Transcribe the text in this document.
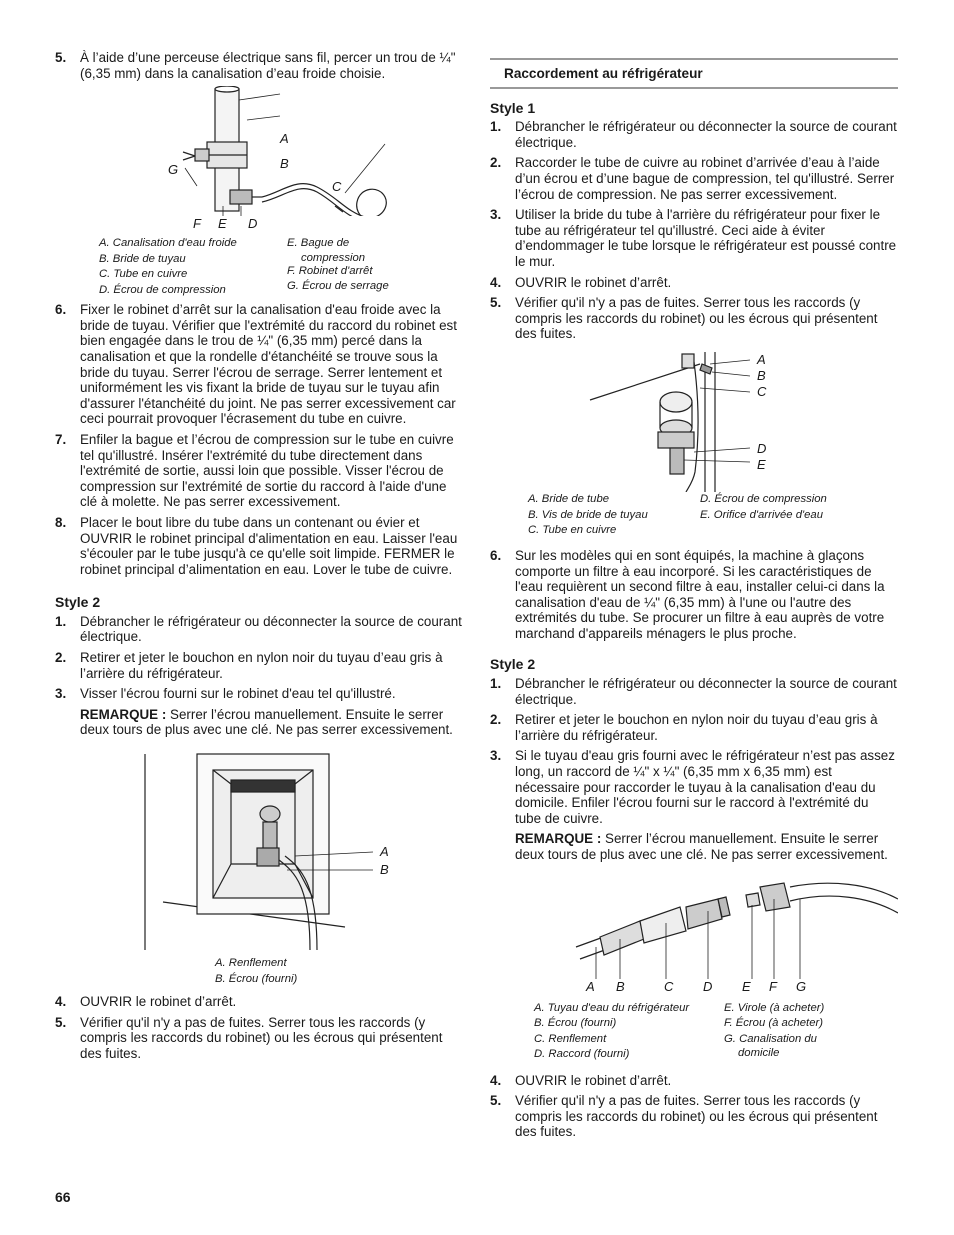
5. À l’aide d’une perceuse électrique sans fil, percer un trou de ¼" (6,35 mm) dans la canalisation d’eau froide choisie.
A
B
C
G
F E D
A. Canalisation d'eau froide
B. Bride de tuyau
C. Tube en cuivre
D. Écrou de compression
E. Bague de
compression
F. Robinet d'arrêt
G. Écrou de serrage
6. Fixer le robinet d’arrêt sur la canalisation d'eau froide avec la bride de tuyau. Vérifier que l'extrémité du raccord du robinet est bien engagée dans le trou de ¼" (6,35 mm) percé dans la canalisation et que la rondelle d'étanchéité se trouve sous la bride du tuyau. Serrer l'écrou de serrage. Serrer lentement et uniformément les vis fixant la bride de tuyau sur le tuyau afin d'assurer l'étanchéité du joint. Ne pas serrer excessivement car ceci pourrait provoquer l'écrasement du tube en cuivre.
7. Enfiler la bague et l’écrou de compression sur le tube en cuivre tel qu'illustré. Insérer l'extrémité du tube directement dans l'extrémité de sortie, aussi loin que possible. Visser l'écrou de compression sur l'extrémité de sortie du raccord à l'aide d'une clé à molette. Ne pas serrer excessivement.
8. Placer le bout libre du tube dans un contenant ou évier et OUVRIR le robinet principal d'alimentation en eau. Laisser l'eau s'écouler par le tube jusqu'à ce qu'elle soit limpide. FERMER le robinet principal d’alimentation en eau. Lover le tube de cuivre.
Style 2
1. Débrancher le réfrigérateur ou déconnecter la source de courant électrique.
2. Retirer et jeter le bouchon en nylon noir du tuyau d’eau gris à l’arrière du réfrigérateur.
3. Visser l'écrou fourni sur le robinet d'eau tel qu'illustré.
REMARQUE : Serrer l’écrou manuellement. Ensuite le serrer deux tours de plus avec une clé. Ne pas serrer excessivement.
A
B
A. Renflement
B. Écrou (fourni)
4. OUVRIR le robinet d’arrêt.
5. Vérifier qu'il n'y a pas de fuites. Serrer tous les raccords (y compris les raccords du robinet) ou les écrous qui présentent des fuites.
Raccordement au réfrigérateur
Style 1
1. Débrancher le réfrigérateur ou déconnecter la source de courant électrique.
2. Raccorder le tube de cuivre au robinet d’arrivée d’eau à l’aide d’un écrou et d’une bague de compression, tel qu'illustré. Serrer l’écrou de compression. Ne pas serrer excessivement.
3. Utiliser la bride du tube à l'arrière du réfrigérateur pour fixer le tube au réfrigérateur tel qu'illustré. Ceci aide à éviter d’endommager le tube lorsque le réfrigérateur est poussé contre le mur.
4. OUVRIR le robinet d’arrêt.
5. Vérifier qu'il n'y a pas de fuites. Serrer tous les raccords (y compris les raccords du robinet) ou les écrous qui présentent des fuites.
A
B
C
D
E
A. Bride de tube
B. Vis de bride de tuyau
C. Tube en cuivre
D. Écrou de compression
E. Orifice d'arrivée d'eau
6. Sur les modèles qui en sont équipés, la machine à glaçons comporte un filtre à eau incorporé. Si les caractéristiques de l'eau requièrent un second filtre à eau, installer celui-ci dans la canalisation d'eau de ¼" (6,35 mm) à l'une ou l'autre des extrémités du tube. Se procurer un filtre à eau auprès de votre marchand d'appareils ménagers le plus proche.
Style 2
1. Débrancher le réfrigérateur ou déconnecter la source de courant électrique.
2. Retirer et jeter le bouchon en nylon noir du tuyau d’eau gris à l’arrière du réfrigérateur.
3. Si le tuyau d'eau gris fourni avec le réfrigérateur n’est pas assez long, un raccord de ¼" x ¼" (6,35 mm x 6,35 mm) est nécessaire pour raccorder le tuyau à la canalisation d'eau du domicile. Enfiler l'écrou fourni sur le raccord à l'extrémité du tube de cuivre.
REMARQUE : Serrer l’écrou manuellement. Ensuite le serrer deux tours de plus avec une clé. Ne pas serrer excessivement.
A B	C D E F G
A. Tuyau d'eau du réfrigérateur
B. Écrou (fourni)
C. Renflement
D. Raccord (fourni)
E. Virole (à acheter)
F. Écrou (à acheter)
G. Canalisation du
domicile
4. OUVRIR le robinet d’arrêt.
5. Vérifier qu'il n'y a pas de fuites. Serrer tous les raccords (y compris les raccords du robinet) ou les écrous qui présentent des fuites.
66
